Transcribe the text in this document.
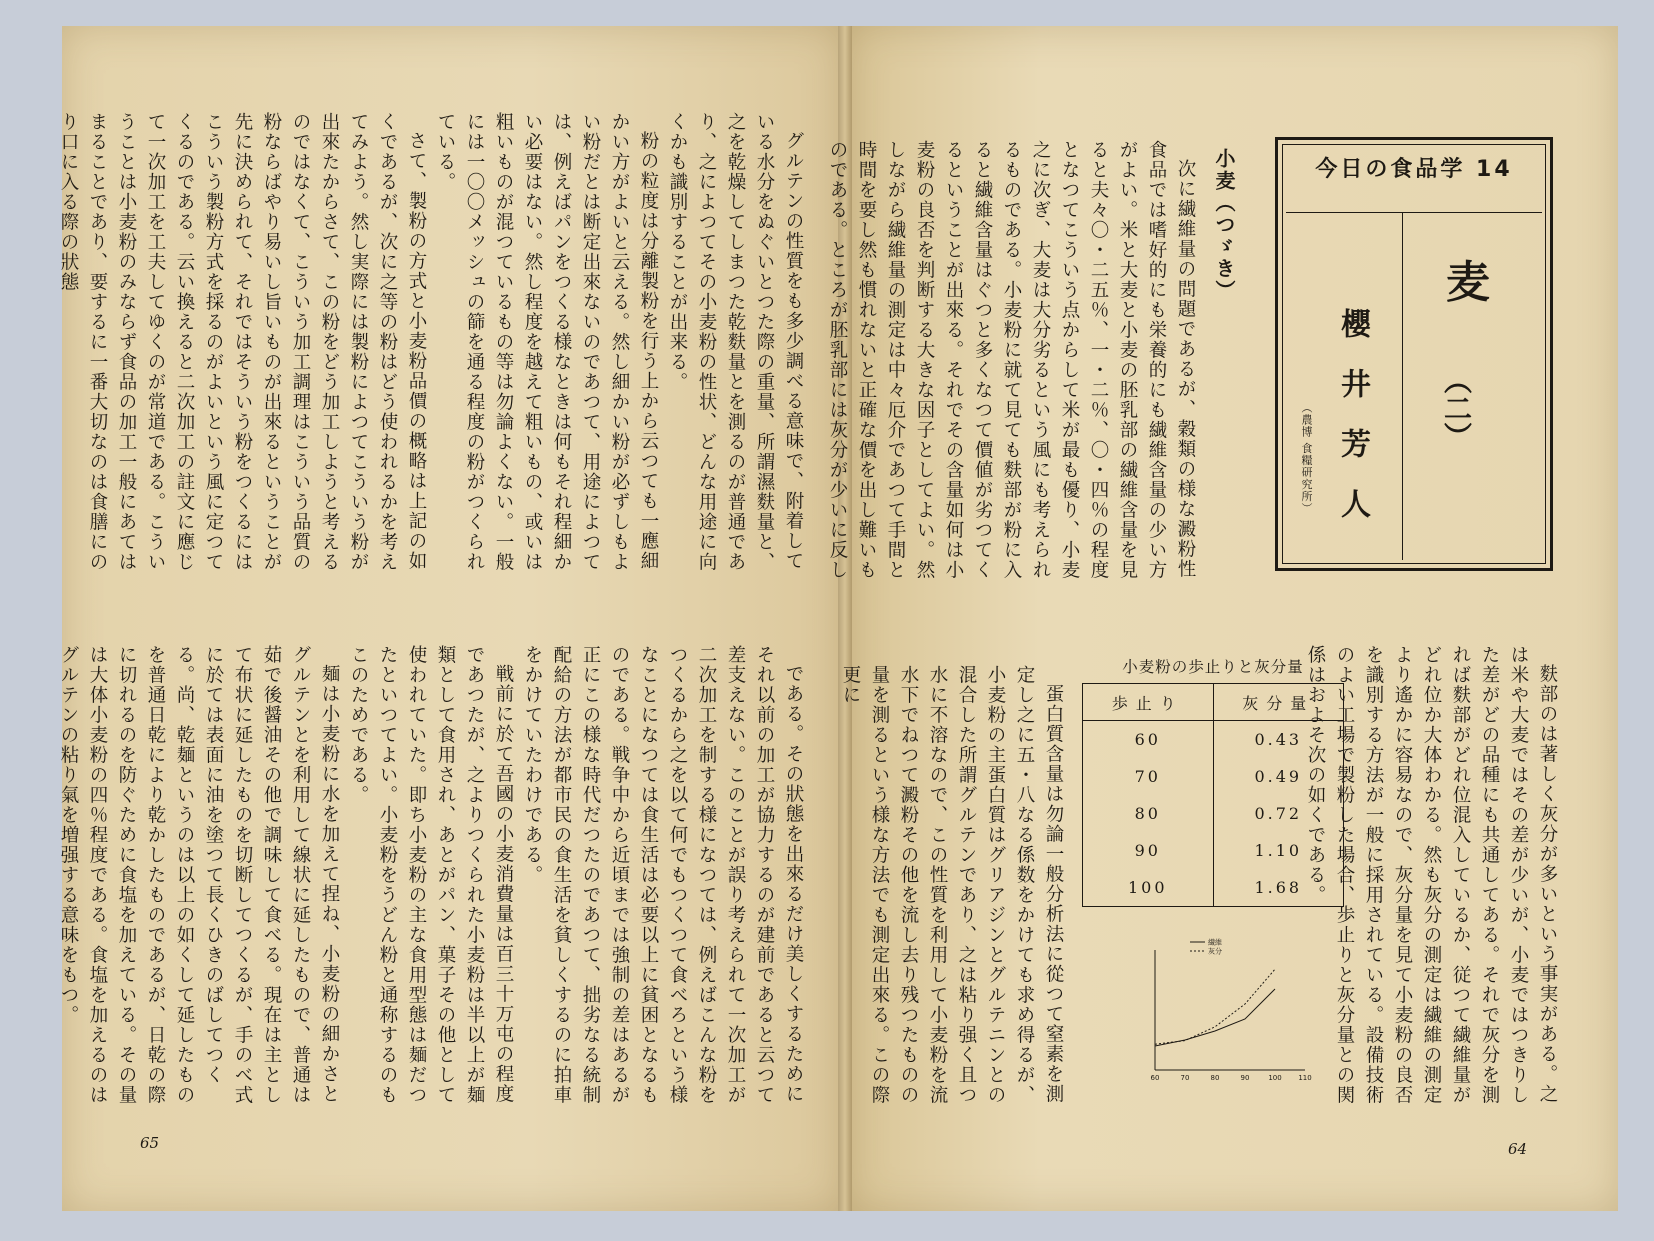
グルテンの性質をも多少調べる意味で、附着している水分をぬぐいとつた際の重量、所謂濕麩量と、之を乾燥してしまつた乾麩量とを測るのが普通であり、之によつてその小麦粉の性状、どんな用途に向くかも識別することが出来る。

粉の粒度は分離製粉を行う上から云つても一應細かい方がよいと云える。然し細かい粉が必ずしもよい粉だとは断定出來ないのであつて、用途によつては、例えばパンをつくる様なときは何もそれ程細かい必要はない。然し程度を越えて粗いもの、或いは粗いものが混つているもの等は勿論よくない。一般には一〇〇メッシュの篩を通る程度の粉がつくられている。

さて、製粉の方式と小麦粉品價の概略は上記の如くであるが、次に之等の粉はどう使われるかを考えてみよう。然し実際には製粉によつてこういう粉が出來たからさて、この粉をどう加工しようと考えるのではなくて、こういう加工調理はこういう品質の粉ならばやり易いし旨いものが出來るということが先に決められて、それではそういう粉をつくるにはこういう製粉方式を採るのがよいという風に定つてくるのである。云い換えると二次加工の註文に應じて一次加工を工夫してゆくのが常道である。こういうことは小麦粉のみならず食品の加工一般にあてはまることであり、要するに一番大切なのは食膳にのり口に入る際の狀態

である。その狀態を出來るだけ美しくするためにそれ以前の加工が協力するのが建前であると云つて差支えない。このことが誤り考えられて一次加工が二次加工を制する様になつては、例えばこんな粉をつくるから之を以て何でもつくつて食べろという様なことになつては食生活は必要以上に貧困となるものである。戦争中から近頃までは強制の差はあるが正にこの様な時代だつたのであつて、拙劣なる統制配給の方法が都市民の食生活を貧しくするのに拍車をかけていたわけである。

戦前に於て吾國の小麦消費量は百三十万屯の程度であつたが、之よりつくられた小麦粉は半以上が麺類として食用され、あとがパン、菓子その他として使われていた。即ち小麦粉の主な食用型態は麺だつたといつてよい。小麦粉をうどん粉と通称するのもこのためである。

麺は小麦粉に水を加えて捏ね、小麦粉の細かさとグルテンとを利用して線状に延したもので、普通は茹で後醤油その他で調味して食べる。現在は主として布状に延したものを切断してつくるが、手のべ式に於ては表面に油を塗つて長くひきのばしてつくる。尚、乾麺というのは以上の如くして延したものを普通日乾により乾かしたものであるが、日乾の際に切れるのを防ぐために食塩を加えている。その量は大体小麦粉の四％程度である。食塩を加えるのはグルテンの粘り氣を増强する意味をもつ。

65
今日の食品学 14
麦
（二）
櫻井芳人
（農博 食糧研究所）
小麦（つゞき）

次に繊維量の問題であるが、穀類の様な澱粉性食品では嗜好的にも栄養的にも繊維含量の少い方がよい。米と大麦と小麦の胚乳部の繊維含量を見ると夫々〇・二五％、一・二％、〇・四％の程度となつてこういう点からして米が最も優り、小麦之に次ぎ、大麦は大分劣るという風にも考えられるものである。小麦粉に就て見ても麩部が粉に入ると繊維含量はぐつと多くなつて價値が劣つてくるということが出來る。それでその含量如何は小麦粉の良否を判断する大きな因子としてよい。然しながら繊維量の測定は中々厄介であつて手間と時間を要し然も慣れないと正確な價を出し難いものである。ところが胚乳部には灰分が少いに反し

麩部のは著しく灰分が多いという事実がある。之は米や大麦ではその差が少いが、小麦ではつきりした差がどの品種にも共通してある。それで灰分を測れば麩部がどれ位混入しているか、従つて繊維量がどれ位か大体わかる。然も灰分の測定は繊維の測定より遙かに容易なので、灰分量を見て小麦粉の良否を識別する方法が一般に採用されている。設備技術のよい工場で製粉した場合、歩止りと灰分量との関係はおよそ次の如くである。

蛋白質含量は勿論一般分析法に從つて窒素を測定し之に五・八なる係数をかけても求め得るが、小麦粉の主蛋白質はグリアジンとグルテニンとの混合した所謂グルテンであり、之は粘り强く且つ水に不溶なので、この性質を利用して小麦粉を流水下でねつて澱粉その他を流し去り残つたものの量を測るという様な方法でも測定出來る。この際更に	小麦粉の歩止りと灰分量
歩止り	灰分量
60	0.43
70	0.49
80	0.72
90	1.10
100	1.68
60	70	80	90	100 110
繊維
灰分
64
